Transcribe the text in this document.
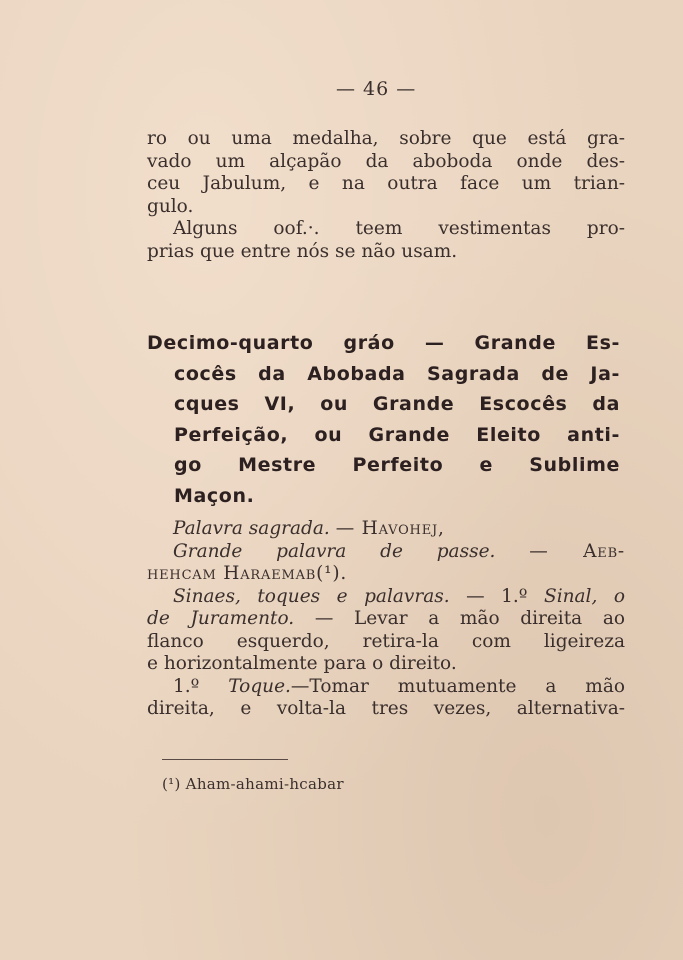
— 46 —
ro ou uma medalha, sobre que está gra-
vado um alçapão da aboboda onde des-
ceu Jabulum, e na outra face um trian-
gulo.
Alguns oof.·. teem vestimentas pro-
prias que entre nós se não usam.
Decimo-quarto gráo — Grande Es-
cocês da Abobada Sagrada de Ja-
cques VI, ou Grande Escocês da
Perfeição, ou Grande Eleito anti-
go Mestre Perfeito e Sublime
Maçon.
Palavra sagrada. — Havohej,
Grande palavra de passe. — Aeb-
hehcam Haraemab(¹).
Sinaes, toques e palavras. — 1.º Sinal, o
de Juramento. — Levar a mão direita ao
flanco esquerdo, retira-la com ligeireza
e horizontalmente para o direito.
1.º Toque.—Tomar mutuamente a mão
direita, e volta-la tres vezes, alternativa-
(¹) Aham-ahami-hcabar
